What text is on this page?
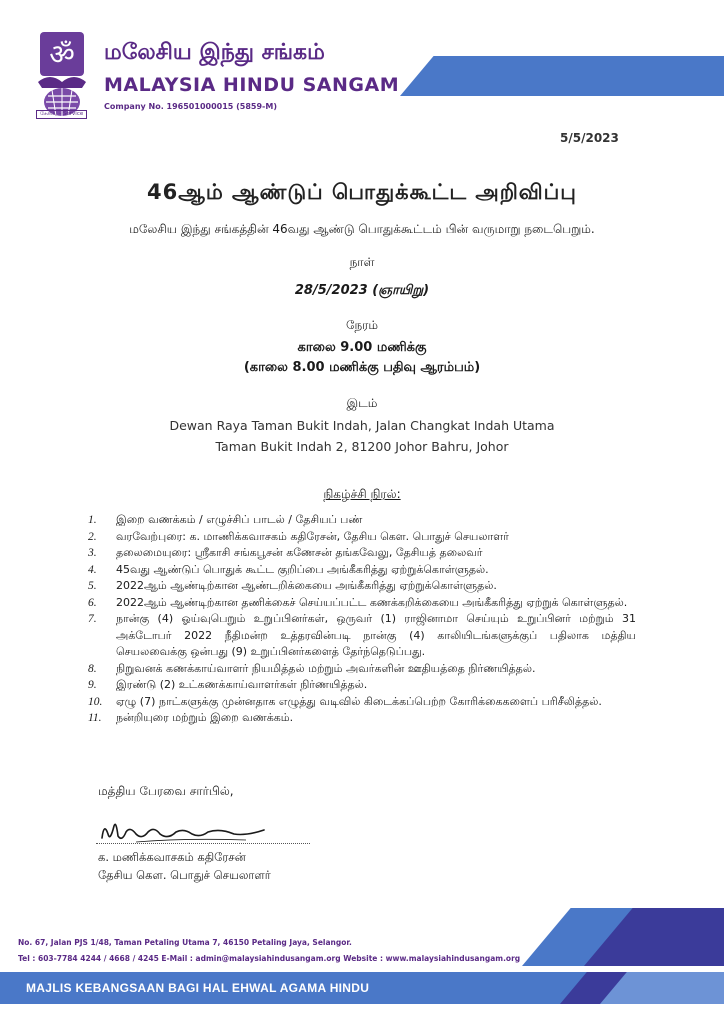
ॐ
சேவை - Service
மலேசிய இந்து சங்கம்
MALAYSIA HINDU SANGAM
Company No. 196501000015 (5859-M)
5/5/2023
46ஆம் ஆண்டுப் பொதுக்கூட்ட அறிவிப்பு
மலேசிய இந்து சங்கத்தின் 46வது ஆண்டு பொதுக்கூட்டம் பின் வருமாறு நடைபெறும்.
நாள்
28/5/2023 (ஞாயிறு)
நேரம்
காலை 9.00 மணிக்கு
(காலை 8.00 மணிக்கு பதிவு ஆரம்பம்)
இடம்
Dewan Raya Taman Bukit Indah, Jalan Changkat Indah Utama
Taman Bukit Indah 2, 81200 Johor Bahru, Johor
நிகழ்ச்சி நிரல்:
1. இறை வணக்கம் / எழுச்சிப் பாடல் / தேசியப் பண்
2. வரவேற்புரை: க. மாணிக்கவாசகம் கதிரேசன், தேசிய கெள. பொதுச் செயலாளர்
3. தலைமையுரை: ஸ்ரீகாசி சங்கபூசன் கணேசன் தங்கவேலு, தேசியத் தலைவர்
4. 45வது ஆண்டுப் பொதுக் கூட்ட குறிப்பை அங்கீகரித்து ஏற்றுக்கொள்ளுதல்.
5. 2022ஆம் ஆண்டிற்கான ஆண்டறிக்கையை அங்கீகரித்து ஏற்றுக்கொள்ளுதல்.
6. 2022ஆம் ஆண்டிற்கான தணிக்கைச் செய்யப்பட்ட கணக்கறிக்கையை அங்கீகரித்து ஏற்றுக் கொள்ளுதல்.
7. நான்கு (4) ஓய்வுபெறும் உறுப்பினர்கள், ஒருவர் (1) ராஜினாமா செய்யும் உறுப்பினர் மற்றும் 31 அக்டோபர் 2022 நீதிமன்ற உத்தரவின்படி நான்கு (4) காலியிடங்களுக்குப் பதிலாக மத்திய செயலவைக்கு ஒன்பது (9) உறுப்பினர்களைத் தேர்ந்தெடுப்பது.
8. நிறுவனக் கணக்காய்வாளர் நியமித்தல் மற்றும் அவர்களின் ஊதியத்தை நிர்ணயித்தல்.
9. இரண்டு (2) உட்கணக்காய்வாளர்கள் நிர்ணயித்தல்.
10. ஏழு (7) நாட்களுக்கு முன்னதாக எழுத்து வடிவில் கிடைக்கப்பெற்ற கோரிக்கைகளைப் பரிசீலித்தல்.
11. நன்றியுரை மற்றும் இறை வணக்கம்.
மத்திய பேரவை சார்பில்,
க. மணிக்கவாசகம் கதிரேசன்
தேசிய கெள. பொதுச் செயலாளர்
No. 67, Jalan PJS 1/48, Taman Petaling Utama 7, 46150 Petaling Jaya, Selangor.
Tel : 603-7784 4244 / 4668 / 4245 E-Mail : admin@malaysiahindusangam.org Website : www.malaysiahindusangam.org
MAJLIS KEBANGSAAN BAGI HAL EHWAL AGAMA HINDU
